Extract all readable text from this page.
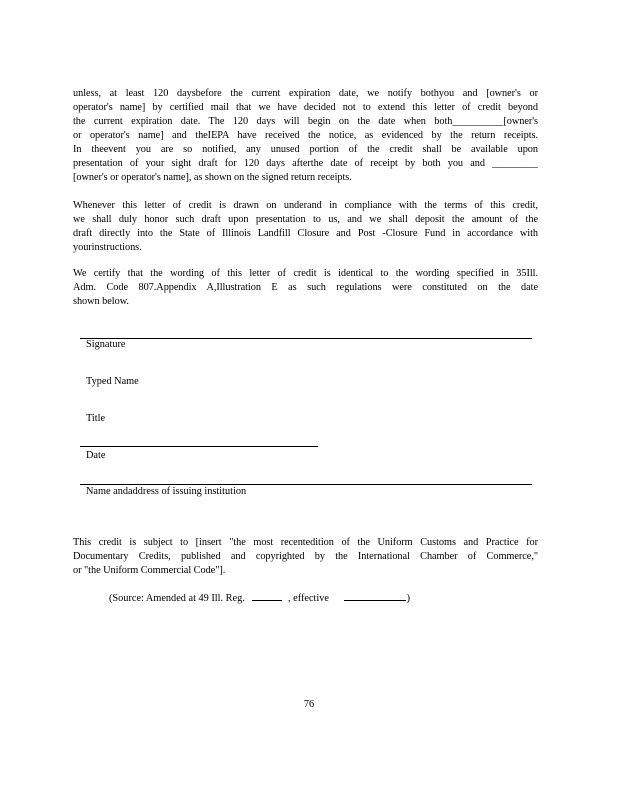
unless, at least 120 daysbefore the current expiration date, we notify bothyou and [owner's or
operator's name] by certified mail that we have decided not to extend this letter of credit beyond
the current expiration date. The 120 days will begin on the date when both__________[owner's
or operator's name] and theIEPA have received the notice, as evidenced by the return receipts.
In theevent you are so notified, any unused portion of the credit shall be available upon
presentation of your sight draft for 120 days afterthe date of receipt by both you and _________
[owner's or operator's name], as shown on the signed return receipts.

Whenever this letter of credit is drawn on underand in compliance with the terms of this credit,
we shall duly honor such draft upon presentation to us, and we shall deposit the amount of the
draft directly into the State of Illinois Landfill Closure and Post -Closure Fund in accordance with
yourinstructions.

We certify that the wording of this letter of credit is identical to the wording specified in 35Ill.
Adm. Code 807.Appendix A,Illustration E as such regulations were constituted on the date
shown below.

Signature
Typed Name
Title
Date
Name andaddress of issuing institution

This credit is subject to [insert "the most recentedition of the Uniform Customs and Practice for
Documentary Credits, published and copyrighted by the International Chamber of Commerce,"
or "the Uniform Commercial Code"].

(Source: Amended at 49 Ill. Reg.	, effective	)
76
